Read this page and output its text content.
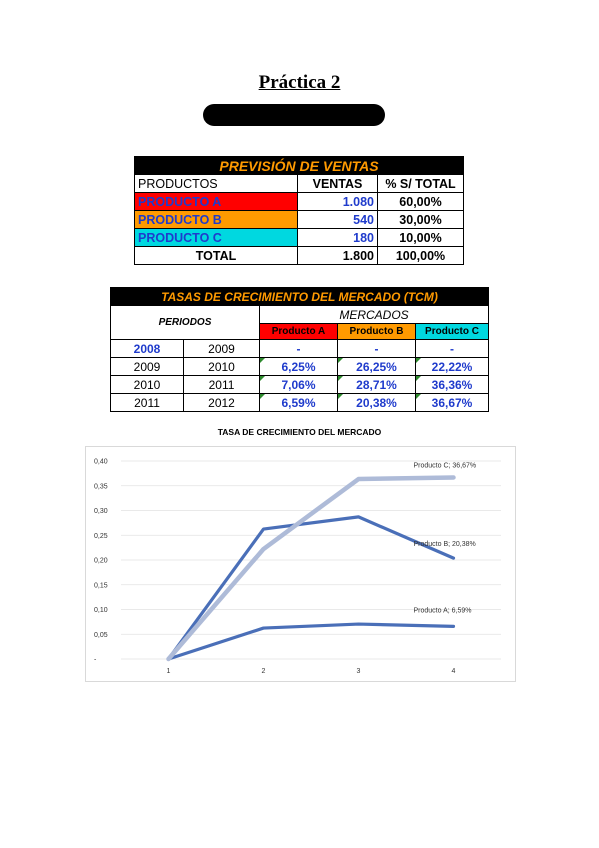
Práctica 2
PREVISIÓN DE VENTAS		
PRODUCTOS	VENTAS	% S/ TOTAL
PRODUCTO A	1.080	60,00%
PRODUCTO B	540	30,00%
PRODUCTO C	180	10,00%
TOTAL	1.800	100,00%
TASAS DE CRECIMIENTO DEL MERCADO (TCM)				
PERIODOS		MERCADOS		
		Producto A	Producto B	Producto C
2008	2009	-	-	-
2009	2010	6,25%	26,25%	22,22%
2010	2011	7,06%	28,71%	36,36%
2011	2012	6,59%	20,38%	36,67%
TASA DE CRECIMIENTO DEL MERCADO
-
0,05
0,10
0,15
0,20
0,25
0,30
0,35
0,40
1	2	3	4
Producto A; 6,59%
Producto B; 20,38%
Producto C; 36,67%
